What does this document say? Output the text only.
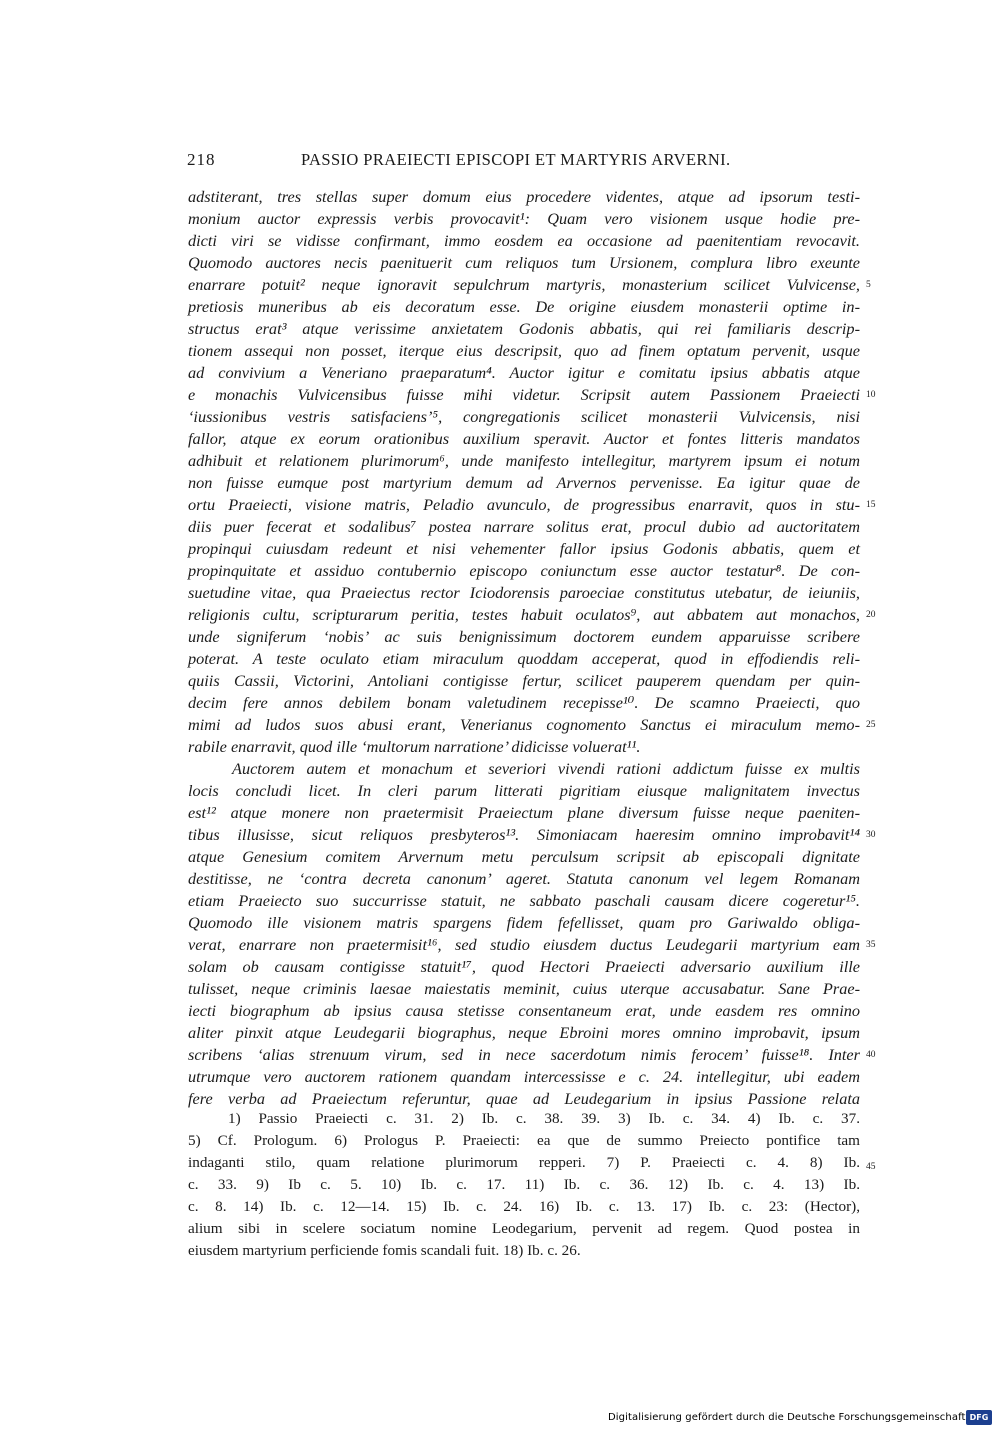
218	PASSIO PRAEIECTI EPISCOPI ET MARTYRIS ARVERNI.
adstiterant, tres stellas super domum eius procedere videntes, atque ad ipsorum testi-
monium auctor expressis verbis provocavit¹: Quam vero visionem usque hodie pre-
dicti viri se vidisse confirmant, immo eosdem ea occasione ad paenitentiam revocavit.
Quomodo auctores necis paenituerit cum reliquos tum Ursionem, complura libro exeunte
enarrare potuit² neque ignoravit sepulchrum martyris, monasterium scilicet Vulvicense,
pretiosis muneribus ab eis decoratum esse. De origine eiusdem monasterii optime in-
structus erat³ atque verissime anxietatem Godonis abbatis, qui rei familiaris descrip-
tionem assequi non posset, iterque eius descripsit, quo ad finem optatum pervenit, usque
ad convivium a Veneriano praeparatum⁴. Auctor igitur e comitatu ipsius abbatis atque
e monachis Vulvicensibus fuisse mihi videtur. Scripsit autem Passionem Praeiecti
‘iussionibus vestris satisfaciens’⁵, congregationis scilicet monasterii Vulvicensis, nisi
fallor, atque ex eorum orationibus auxilium speravit. Auctor et fontes litteris mandatos
adhibuit et relationem plurimorum⁶, unde manifesto intellegitur, martyrem ipsum ei notum
non fuisse eumque post martyrium demum ad Arvernos pervenisse. Ea igitur quae de
ortu Praeiecti, visione matris, Peladio avunculo, de progressibus enarravit, quos in stu-
diis puer fecerat et sodalibus⁷ postea narrare solitus erat, procul dubio ad auctoritatem
propinqui cuiusdam redeunt et nisi vehementer fallor ipsius Godonis abbatis, quem et
propinquitate et assiduo contubernio episcopo coniunctum esse auctor testatur⁸. De con-
suetudine vitae, qua Praeiectus rector Iciodorensis paroeciae constitutus utebatur, de ieiuniis,
religionis cultu, scripturarum peritia, testes habuit oculatos⁹, aut abbatem aut monachos,
unde signiferum ‘nobis’ ac suis benignissimum doctorem eundem apparuisse scribere
poterat. A teste oculato etiam miraculum quoddam acceperat, quod in effodiendis reli-
quiis Cassii, Victorini, Antoliani contigisse fertur, scilicet pauperem quendam per quin-
decim fere annos debilem bonam valetudinem recepisse¹⁰. De scamno Praeiecti, quo
mimi ad ludos suos abusi erant, Venerianus cognomento Sanctus ei miraculum memo-
rabile enarravit, quod ille ‘multorum narratione’ didicisse voluerat¹¹.
Auctorem autem et monachum et severiori vivendi rationi addictum fuisse ex multis
locis concludi licet. In cleri parum litterati pigritiam eiusque malignitatem invectus
est¹² atque monere non praetermisit Praeiectum plane diversum fuisse neque paeniten-
tibus illusisse, sicut reliquos presbyteros¹³. Simoniacam haeresim omnino improbavit¹⁴
atque Genesium comitem Arvernum metu perculsum scripsit ab episcopali dignitate
destitisse, ne ‘contra decreta canonum’ ageret. Statuta canonum vel legem Romanam
etiam Praeiecto suo succurrisse statuit, ne sabbato paschali causam dicere cogeretur¹⁵.
Quomodo ille visionem matris spargens fidem fefellisset, quam pro Gariwaldo obliga-
verat, enarrare non praetermisit¹⁶, sed studio eiusdem ductus Leudegarii martyrium eam
solam ob causam contigisse statuit¹⁷, quod Hectori Praeiecti adversario auxilium ille
tulisset, neque criminis laesae maiestatis meminit, cuius uterque accusabatur. Sane Prae-
iecti biographum ab ipsius causa stetisse consentaneum erat, unde easdem res omnino
aliter pinxit atque Leudegarii biographus, neque Ebroini mores omnino improbavit, ipsum
scribens ‘alias strenuum virum, sed in nece sacerdotum nimis ferocem’ fuisse¹⁸. Inter
utrumque vero auctorem rationem quandam intercessisse e c. 24. intellegitur, ubi eadem
fere verba ad Praeiectum referuntur, quae ad Leudegarium in ipsius Passione relata
5
10
15
20
25
30
35
40
45
1) Passio Praeiecti c. 31. 2) Ib. c. 38. 39. 3) Ib. c. 34. 4) Ib. c. 37.
5) Cf. Prologum. 6) Prologus P. Praeiecti: ea que de summo Preiecto pontifice tam
indaganti stilo, quam relatione plurimorum repperi. 7) P. Praeiecti c. 4. 8) Ib.
c. 33. 9) Ib c. 5. 10) Ib. c. 17. 11) Ib. c. 36. 12) Ib. c. 4. 13) Ib.
c. 8. 14) Ib. c. 12—14. 15) Ib. c. 24. 16) Ib. c. 13. 17) Ib. c. 23: (Hector),
alium sibi in scelere sociatum nomine Leodegarium, pervenit ad regem. Quod postea in
eiusdem martyrium perficiende fomis scandali fuit. 18) Ib. c. 26.
Digitalisierung gefördert durch die Deutsche Forschungsgemeinschaft DFG
